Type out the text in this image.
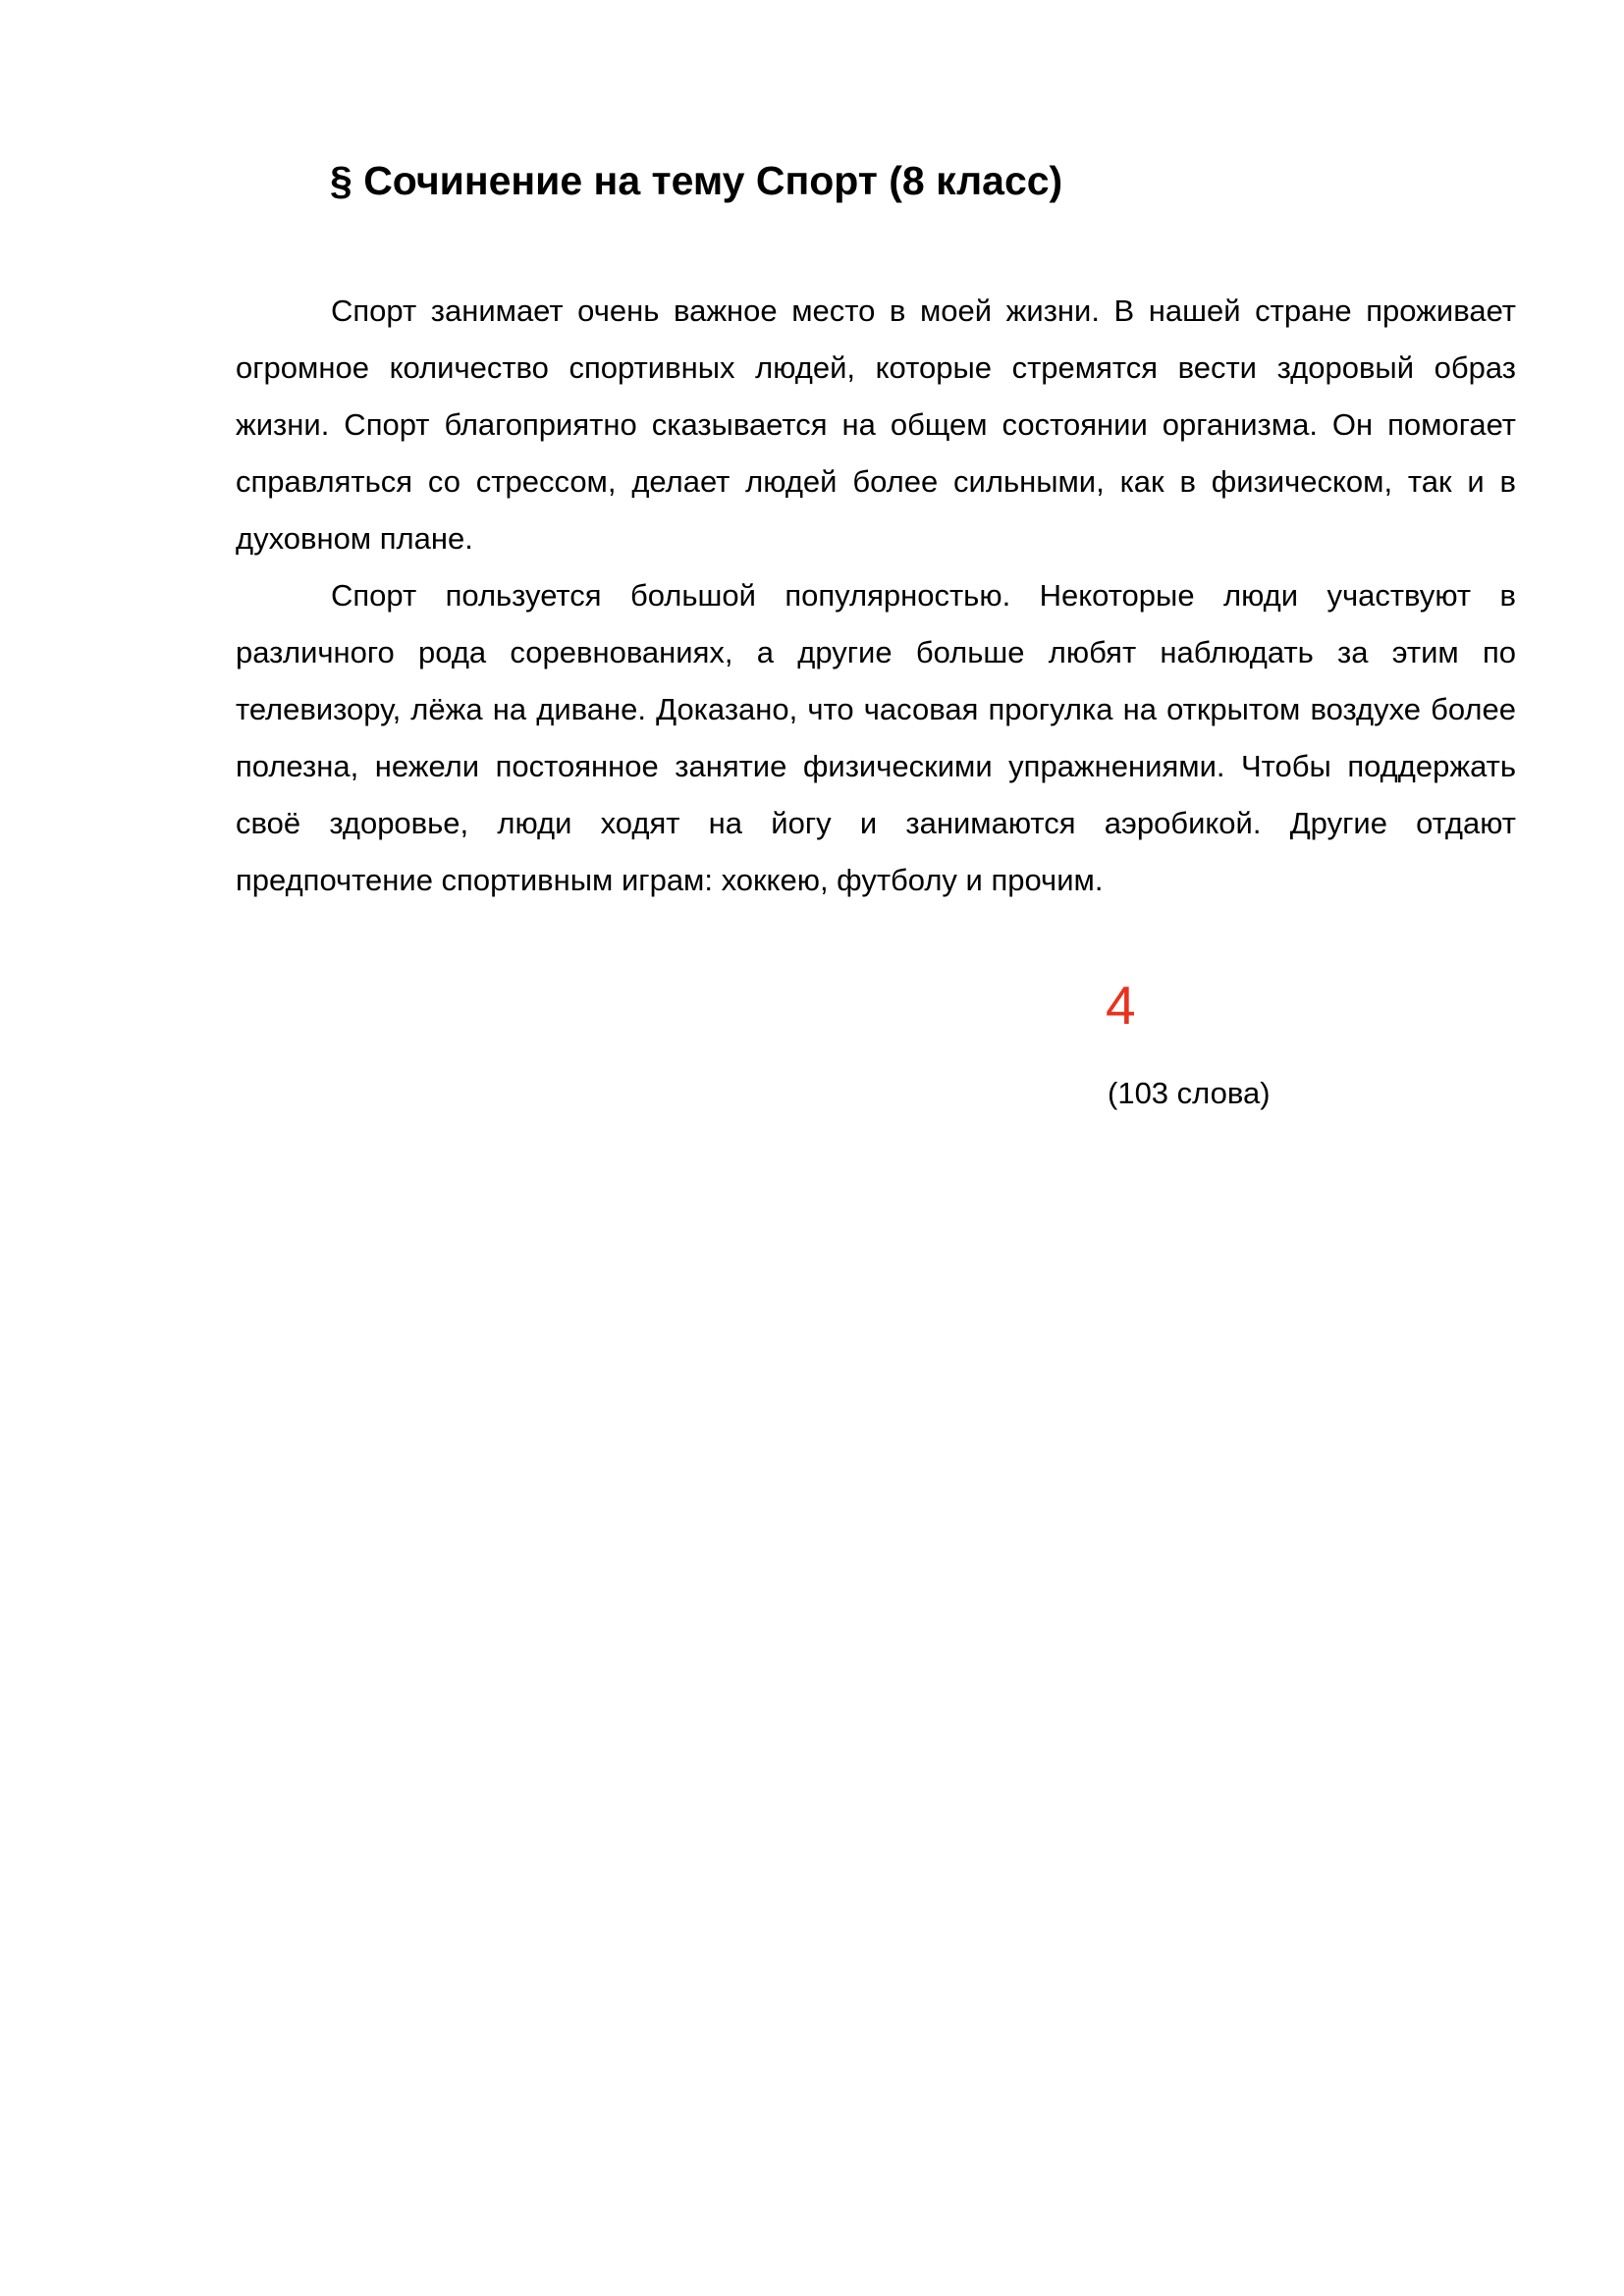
§ Сочинение на тему Спорт (8 класс)

Спорт занимает очень важное место в моей жизни. В нашей стране проживает огромное количество спортивных людей, которые стремятся вести здоровый образ жизни. Спорт благоприятно сказывается на общем состоянии организма. Он помогает справляться со стрессом, делает людей более сильными, как в физическом, так и в духовном плане.

Спорт пользуется большой популярностью. Некоторые люди участвуют в различного рода соревнованиях, а другие больше любят наблюдать за этим по телевизору, лёжа на диване. Доказано, что часовая прогулка на открытом воздухе более полезна, нежели постоянное занятие физическими упражнениями. Чтобы поддержать своё здоровье, люди ходят на йогу и занимаются аэробикой. Другие отдают предпочтение спортивным играм: хоккею, футболу и прочим.

4
(103 слова)
